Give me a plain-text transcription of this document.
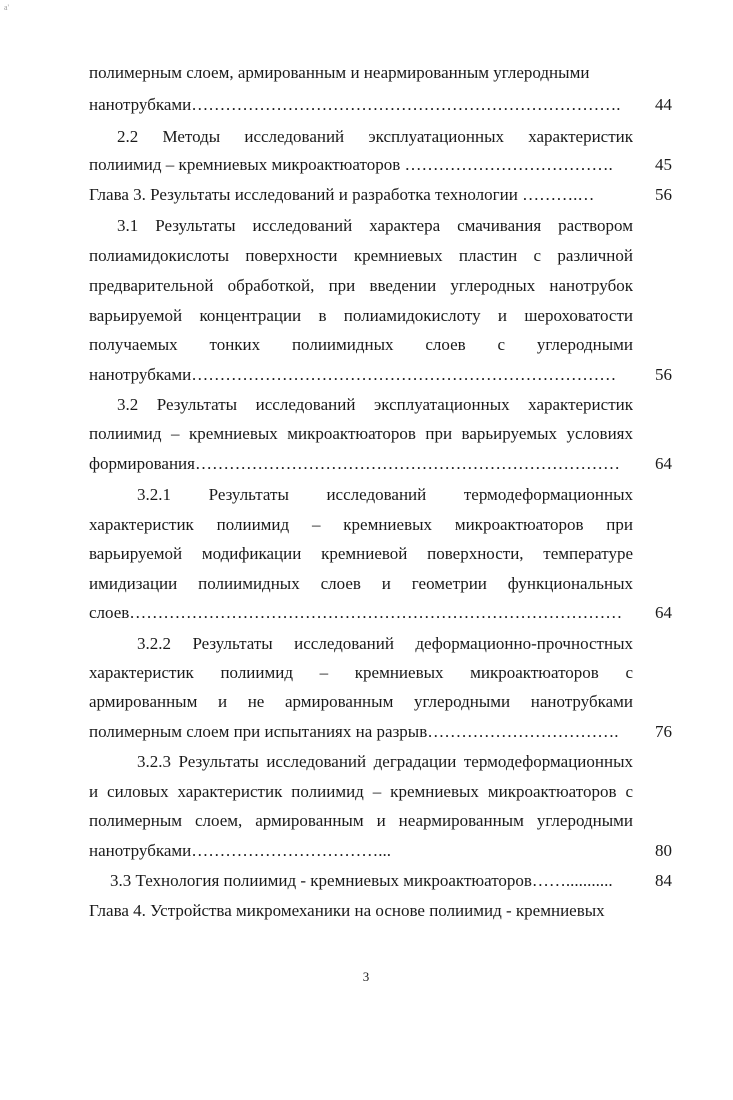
a'
полимерным слоем, армированным и неармированным углеродными
нанотрубками………………………………………………………………….	44
2.2 Методы исследований эксплуатационных характеристик
полиимид – кремниевых микроактюаторов ……………………………….	45
Глава 3. Результаты исследований и разработка технологии ……….…	56
3.1 Результаты исследований характера смачивания раствором
полиамидокислоты поверхности кремниевых пластин с различной
предварительной обработкой, при введении углеродных нанотрубок
варьируемой концентрации в полиамидокислоту и шероховатости
получаемых тонких полиимидных слоев с углеродными
нанотрубками…………………………………………………………………	56
3.2 Результаты исследований эксплуатационных характеристик
полиимид – кремниевых микроактюаторов при варьируемых условиях
формирования…………………………………………………………………	64
3.2.1 Результаты исследований термодеформационных
характеристик полиимид – кремниевых микроактюаторов при
варьируемой модификации кремниевой поверхности, температуре
имидизации полиимидных слоев и геометрии функциональных
слоев……………………………………………………………………………	64
3.2.2 Результаты исследований деформационно-прочностных
характеристик полиимид – кремниевых микроактюаторов с
армированным и не армированным углеродными нанотрубками
полимерным слоем при испытаниях на разрыв…………………………….	76
3.2.3 Результаты исследований деградации термодеформационных
и силовых характеристик полиимид – кремниевых микроактюаторов с
полимерным слоем, армированным и неармированным углеродными
нанотрубками……………………………...	80
3.3 Технология полиимид - кремниевых микроактюаторов……...........	84
Глава 4. Устройства микромеханики на основе полиимид - кремниевых
3
